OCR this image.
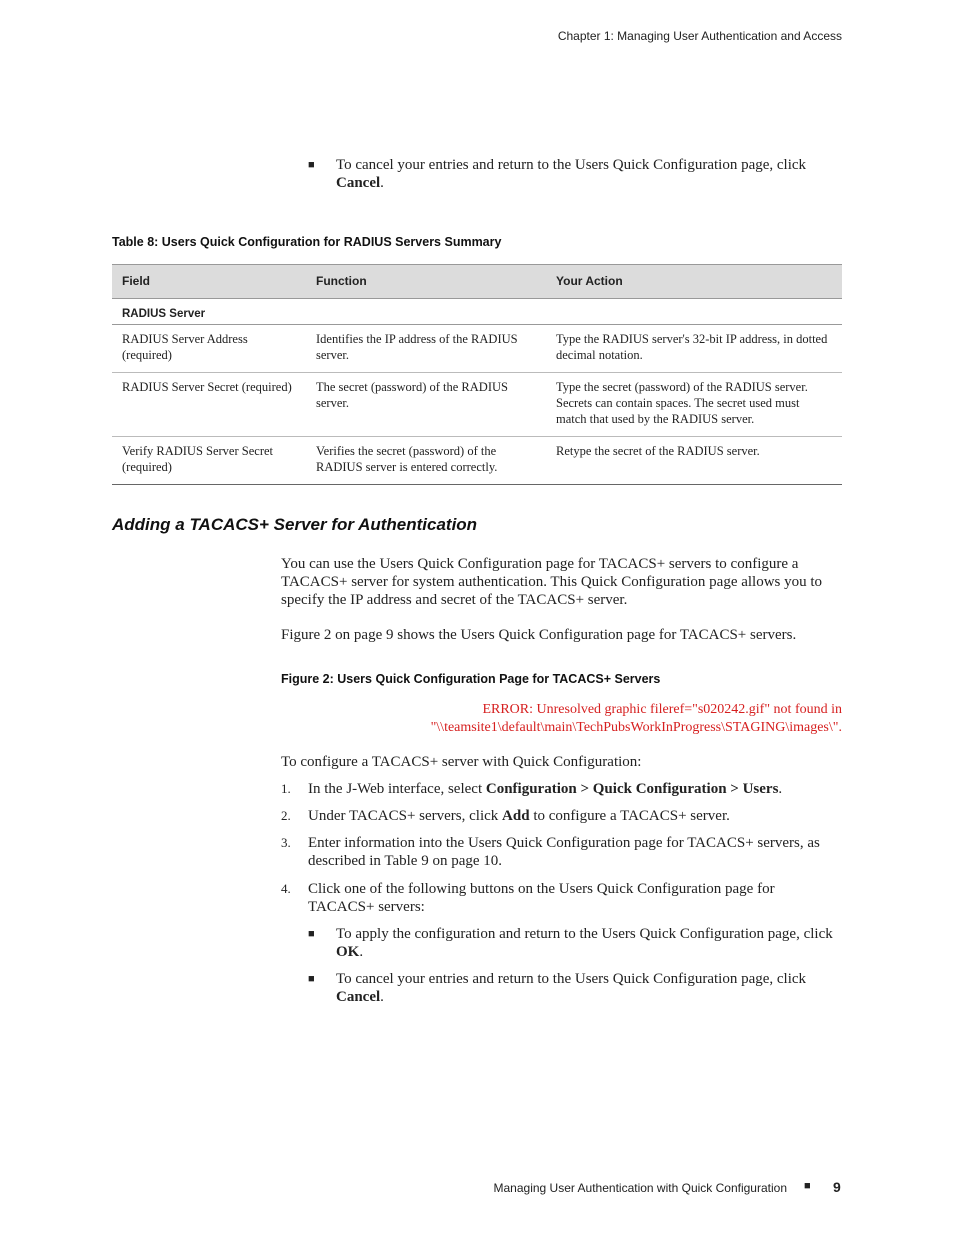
Chapter 1: Managing User Authentication and Access
■ To cancel your entries and return to the Users Quick Configuration page, click Cancel.
Table 8: Users Quick Configuration for RADIUS Servers Summary
Field	Function	Your Action
RADIUS Server		
RADIUS Server Address (required)	Identifies the IP address of the RADIUS server.	Type the RADIUS server's 32-bit IP address, in dotted decimal notation.
RADIUS Server Secret (required)	The secret (password) of the RADIUS server.	Type the secret (password) of the RADIUS server. Secrets can contain spaces. The secret used must match that used by the RADIUS server.
Verify RADIUS Server Secret (required)	Verifies the secret (password) of the RADIUS server is entered correctly.	Retype the secret of the RADIUS server.
Adding a TACACS+ Server for Authentication
You can use the Users Quick Configuration page for TACACS+ servers to configure a TACACS+ server for system authentication. This Quick Configuration page allows you to specify the IP address and secret of the TACACS+ server.
Figure 2 on page 9 shows the Users Quick Configuration page for TACACS+ servers.
Figure 2: Users Quick Configuration Page for TACACS+ Servers
ERROR: Unresolved graphic fileref="s020242.gif" not found in
"\\teamsite1\default\main\TechPubsWorkInProgress\STAGING\images\".
To configure a TACACS+ server with Quick Configuration:
1. In the J-Web interface, select Configuration > Quick Configuration > Users.
2. Under TACACS+ servers, click Add to configure a TACACS+ server.
3. Enter information into the Users Quick Configuration page for TACACS+ servers, as described in Table 9 on page 10.
4. Click one of the following buttons on the Users Quick Configuration page for TACACS+ servers:
■ To apply the configuration and return to the Users Quick Configuration page, click OK.
■ To cancel your entries and return to the Users Quick Configuration page, click Cancel.
Managing User Authentication with Quick Configuration ■ 9
